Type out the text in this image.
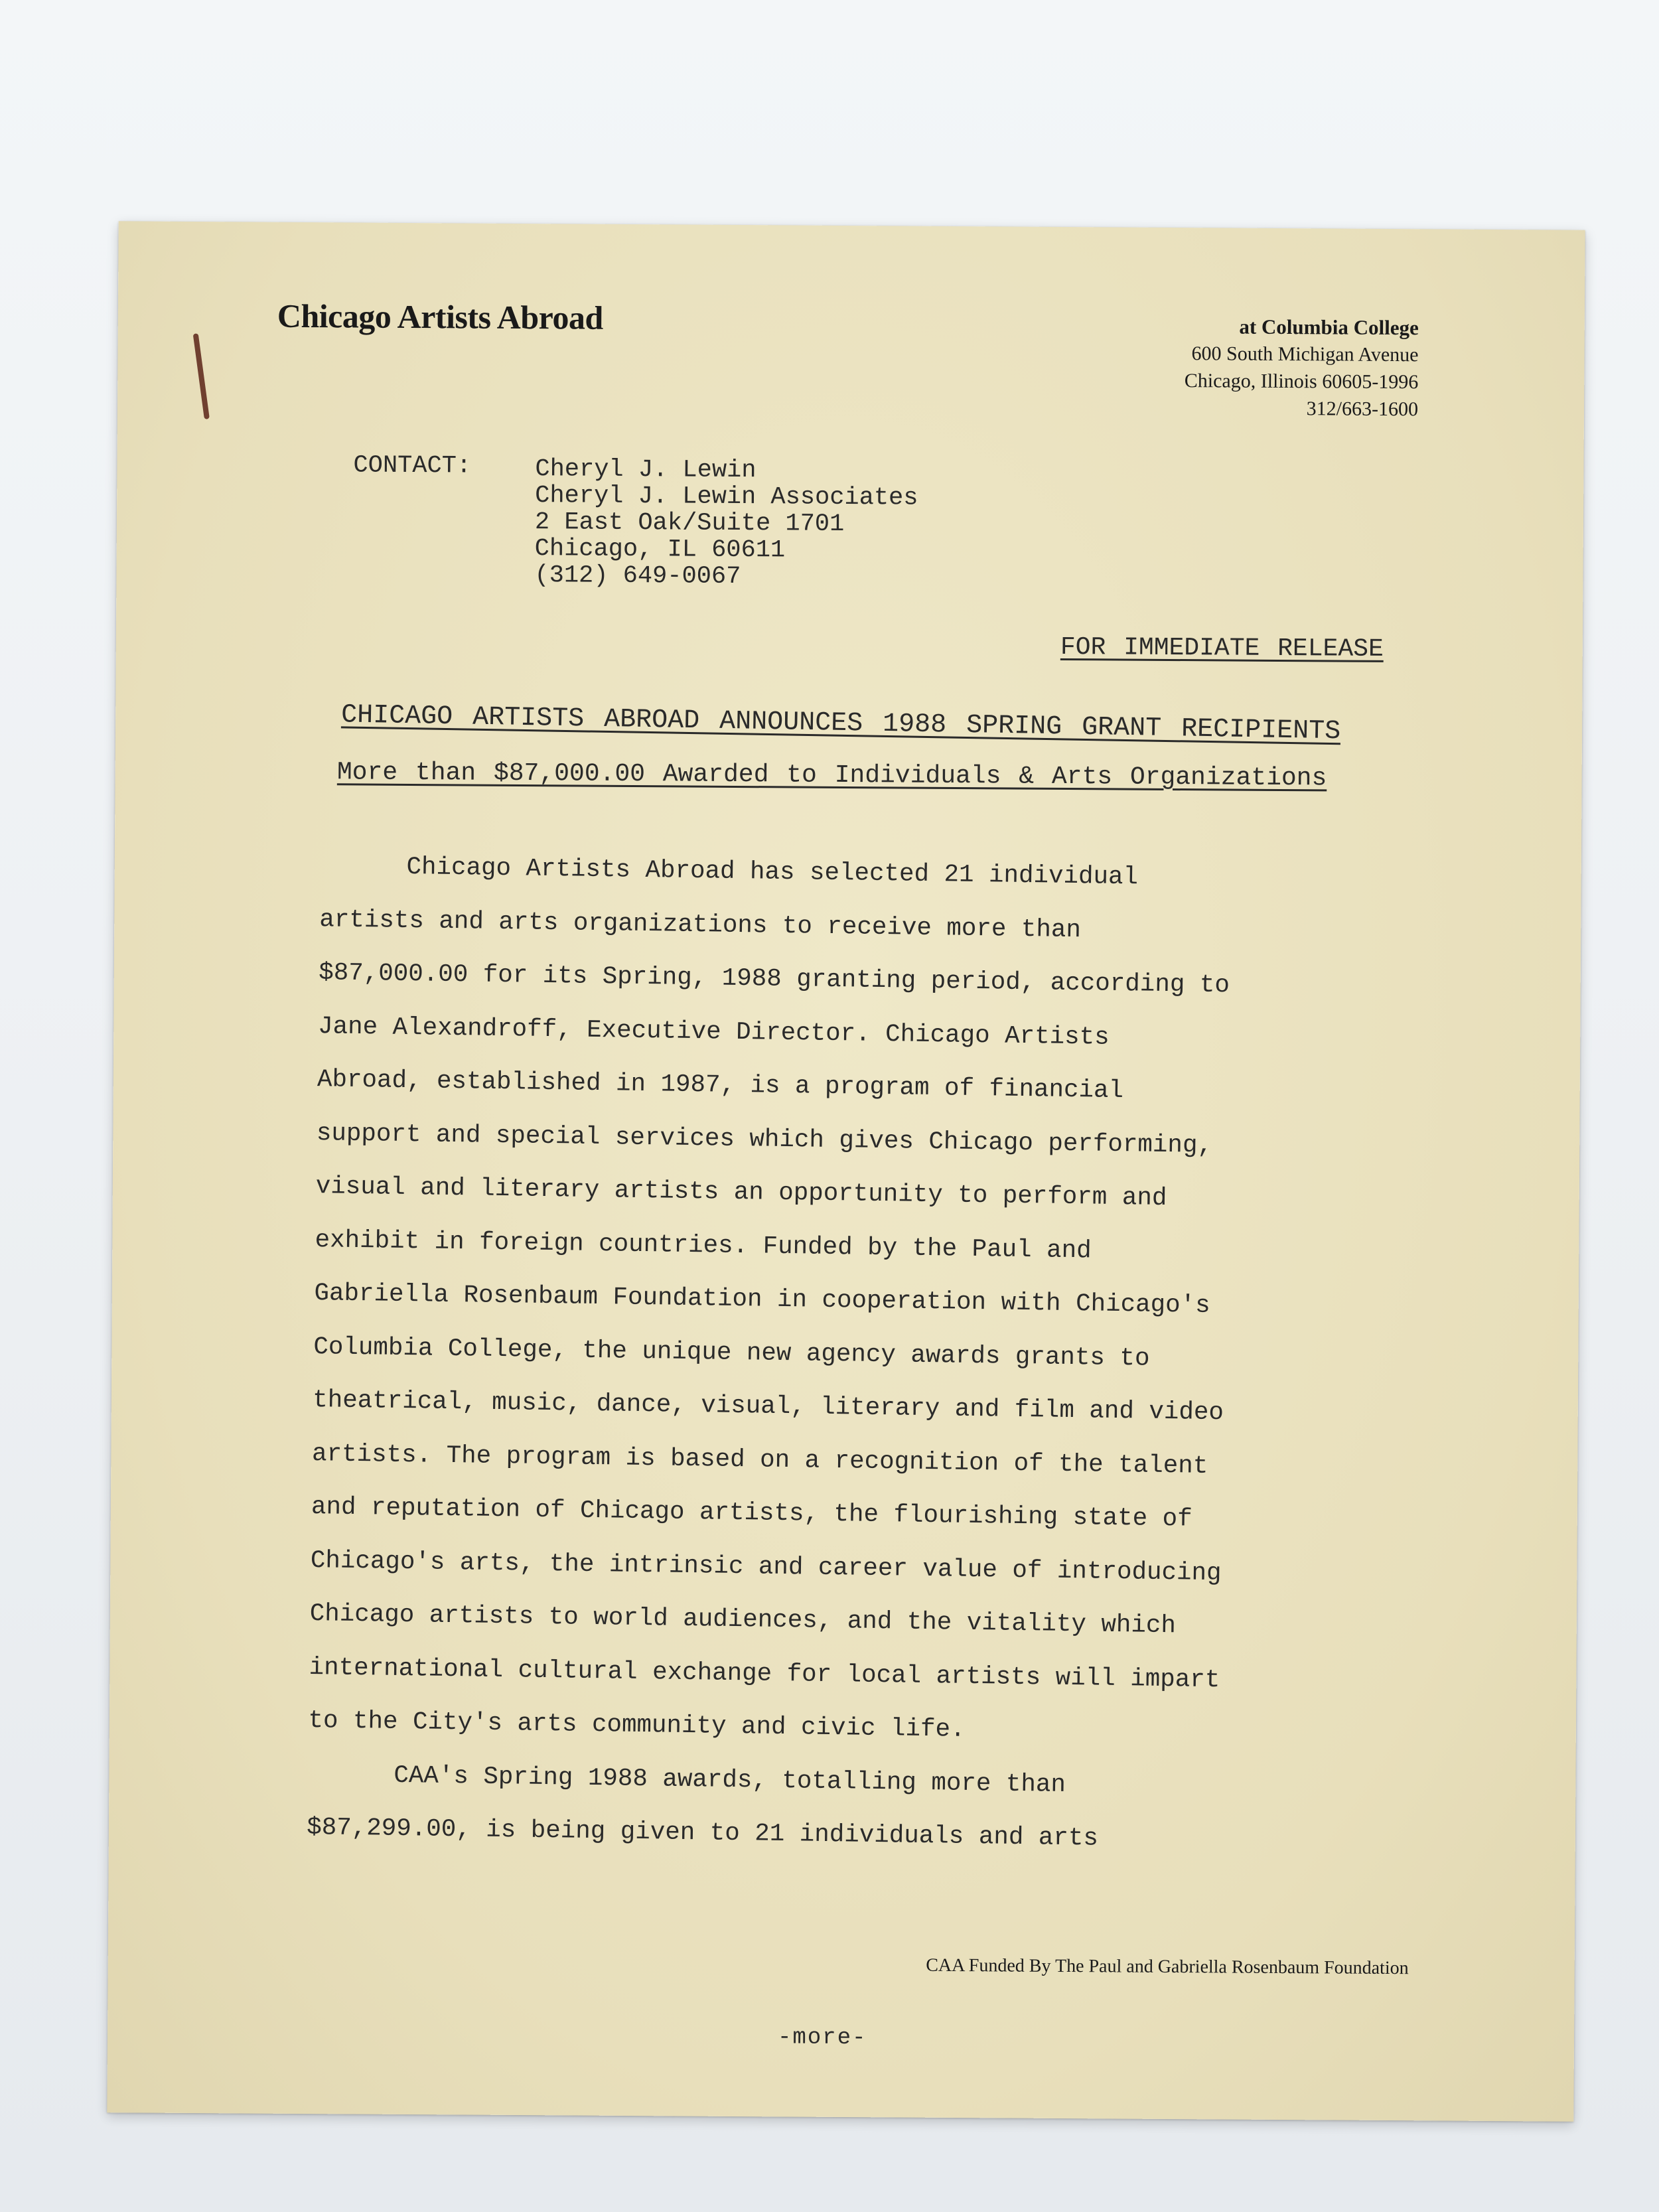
Chicago Artists Abroad	at Columbia College
600 South Michigan Avenue
Chicago, Illinois 60605-1996
312/663-1600
CONTACT:	Cheryl J. Lewin
Cheryl J. Lewin Associates
2 East Oak/Suite 1701
Chicago, IL 60611
(312) 649-0067
FOR IMMEDIATE RELEASE
CHICAGO ARTISTS ABROAD ANNOUNCES 1988 SPRING GRANT RECIPIENTS
More than $87,000.00 Awarded to Individuals & Arts Organizations
Chicago Artists Abroad has selected 21 individual
artists and arts organizations to receive more than
$87,000.00 for its Spring, 1988 granting period, according to
Jane Alexandroff, Executive Director. Chicago Artists
Abroad, established in 1987, is a program of financial
support and special services which gives Chicago performing,
visual and literary artists an opportunity to perform and
exhibit in foreign countries. Funded by the Paul and
Gabriella Rosenbaum Foundation in cooperation with Chicago's
Columbia College, the unique new agency awards grants to
theatrical, music, dance, visual, literary and film and video
artists. The program is based on a recognition of the talent
and reputation of Chicago artists, the flourishing state of
Chicago's arts, the intrinsic and career value of introducing
Chicago artists to world audiences, and the vitality which
international cultural exchange for local artists will impart
to the City's arts community and civic life.
CAA's Spring 1988 awards, totalling more than
$87,299.00, is being given to 21 individuals and arts
CAA Funded By The Paul and Gabriella Rosenbaum Foundation
-more-
